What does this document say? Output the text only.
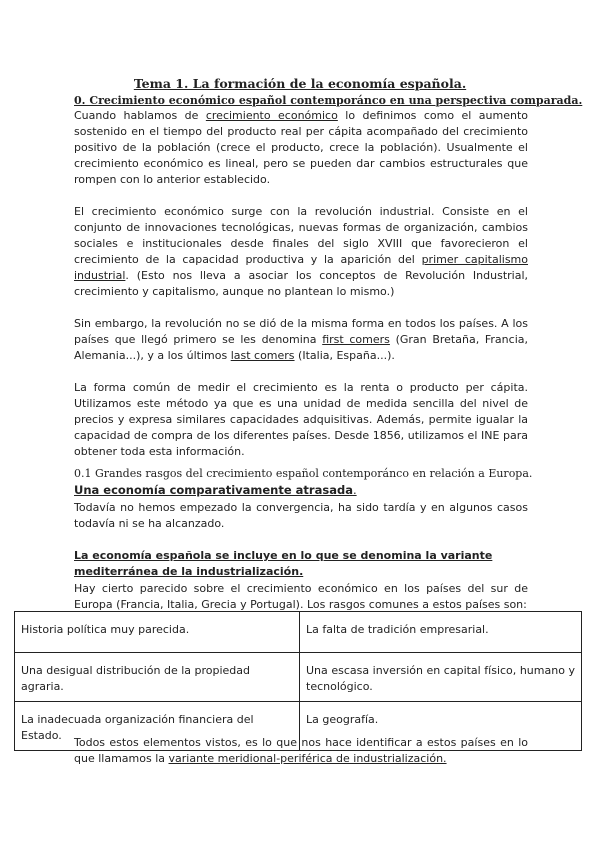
Tema 1. La formación de la economía española.
0. Crecimiento económico español contemporánco en una perspectiva comparada.

Cuando hablamos de crecimiento económico lo definimos como el aumento sostenido en el tiempo del producto real per cápita acompañado del crecimiento positivo de la población (crece el producto, crece la población). Usualmente el crecimiento económico es lineal, pero se pueden dar cambios estructurales que rompen con lo anterior establecido.

El crecimiento económico surge con la revolución industrial. Consiste en el conjunto de innovaciones tecnológicas, nuevas formas de organización, cambios sociales e institucionales desde finales del siglo XVIII que favorecieron el crecimiento de la capacidad productiva y la aparición del primer capitalismo industrial. (Esto nos lleva a asociar los conceptos de Revolución Industrial, crecimiento y capitalismo, aunque no plantean lo mismo.)

Sin embargo, la revolución no se dió de la misma forma en todos los países. A los países que llegó primero se les denomina first comers (Gran Bretaña, Francia, Alemania...), y a los últimos last comers (Italia, España...).

La forma común de medir el crecimiento es la renta o producto per cápita. Utilizamos este método ya que es una unidad de medida sencilla del nivel de precios y expresa similares capacidades adquisitivas. Además, permite igualar la capacidad de compra de los diferentes países. Desde 1856, utilizamos el INE para obtener toda esta información.

0.1 Grandes rasgos del crecimiento español contemporánco en relación a Europa.
Una economía comparativamente atrasada.

Todavía no hemos empezado la convergencia, ha sido tardía y en algunos casos todavía ni se ha alcanzado.

La economía española se incluye en lo que se denomina la variante mediterránea de la industrialización.

Hay cierto parecido sobre el crecimiento económico en los países del sur de Europa (Francia, Italia, Grecia y Portugal). Los rasgos comunes a estos países son:

Historia política muy parecida.	La falta de tradición empresarial.
Una desigual distribución de la propiedad agraria.	Una escasa inversión en capital físico, humano y tecnológico.
La inadecuada organización financiera del Estado.	La geografía.

Todos estos elementos vistos, es lo que nos hace identificar a estos países en lo que llamamos la variante meridional-periférica de industrialización.
